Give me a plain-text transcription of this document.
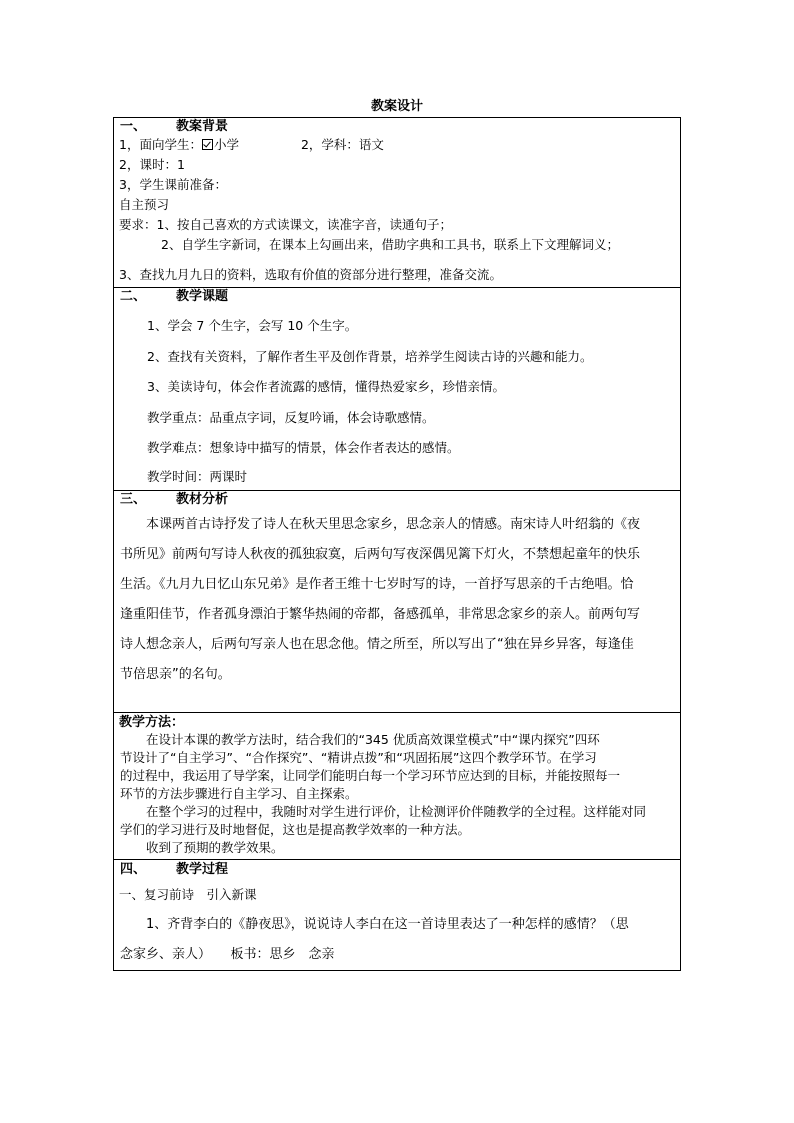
教案设计
一、	教案背景
1，面向学生： 小学	2，学科：语文
2，课时：1
3，学生课前准备：
自主预习
要求：1、按自己喜欢的方式读课文，读准字音，读通句子；
2、自学生字新词，在课本上勾画出来，借助字典和工具书，联系上下文理解词义；
3、查找九月九日的资料，选取有价值的资部分进行整理，准备交流。
二、	教学课题
1、学会 7 个生字，会写 10 个生字。
2、查找有关资料，了解作者生平及创作背景，培养学生阅读古诗的兴趣和能力。
3、美读诗句，体会作者流露的感情，懂得热爱家乡，珍惜亲情。
教学重点：品重点字词，反复吟诵，体会诗歌感情。
教学难点：想象诗中描写的情景，体会作者表达的感情。
教学时间：两课时
三、	教材分析
本课两首古诗抒发了诗人在秋天里思念家乡，思念亲人的情感。南宋诗人叶绍翁的《夜
书所见》前两句写诗人秋夜的孤独寂寞，后两句写夜深偶见篱下灯火，不禁想起童年的快乐
生活。《九月九日忆山东兄弟》是作者王维十七岁时写的诗，一首抒写思亲的千古绝唱。恰
逢重阳佳节，作者孤身漂泊于繁华热闹的帝都，备感孤单，非常思念家乡的亲人。前两句写
诗人想念亲人，后两句写亲人也在思念他。情之所至，所以写出了“独在异乡异客，每逢佳
节倍思亲”的名句。
教学方法：
在设计本课的教学方法时，结合我们的“345 优质高效课堂模式”中“课内探究”四环
节设计了“自主学习”、“合作探究”、“精讲点拨”和“巩固拓展”这四个教学环节。在学习
的过程中，我运用了导学案，让同学们能明白每一个学习环节应达到的目标，并能按照每一
环节的方法步骤进行自主学习、自主探索。
在整个学习的过程中，我随时对学生进行评价，让检测评价伴随教学的全过程。这样能对同
学们的学习进行及时地督促，这也是提高教学效率的一种方法。
收到了预期的教学效果。
四、	教学过程
一、复习前诗　引入新课
1、齐背李白的《静夜思》，说说诗人李白在这一首诗里表达了一种怎样的感情？（思
念家乡、亲人）　　板书：思乡　念亲
